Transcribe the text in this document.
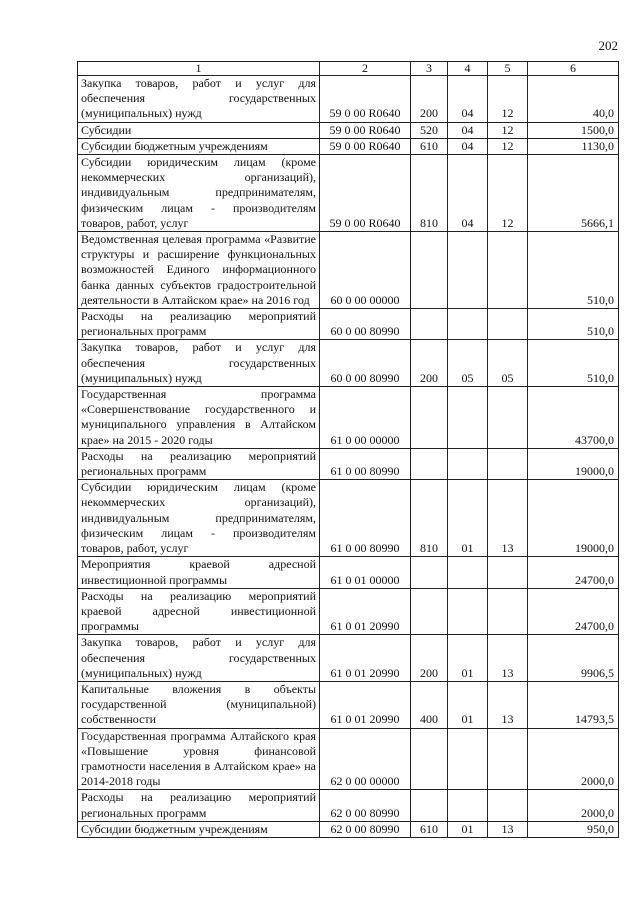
202
1	2	3	4	5	6
Закупка товаров, работ и услуг для обеспечения государственных (муниципальных) нужд	59 0 00 R0640	200	04	12	40,0
Субсидии	59 0 00 R0640	520	04	12	1500,0
Субсидии бюджетным учреждениям	59 0 00 R0640	610	04	12	1130,0
Субсидии юридическим лицам (кроме некоммерческих организаций), индивидуальным предпринимателям, физическим лицам - производителям товаров, работ, услуг	59 0 00 R0640	810	04	12	5666,1
Ведомственная целевая программа «Развитие структуры и расширение функциональных возможностей Единого информационного банка данных субъектов градостроительной деятельности в Алтайском крае» на 2016 год	60 0 00 00000				510,0
Расходы на реализацию мероприятий региональных программ	60 0 00 80990				510,0
Закупка товаров, работ и услуг для обеспечения государственных (муниципальных) нужд	60 0 00 80990	200	05	05	510,0
Государственная программа «Совершенствование государственного и муниципального управления в Алтайском крае» на 2015 - 2020 годы	61 0 00 00000				43700,0
Расходы на реализацию мероприятий региональных программ	61 0 00 80990				19000,0
Субсидии юридическим лицам (кроме некоммерческих организаций), индивидуальным предпринимателям, физическим лицам - производителям товаров, работ, услуг	61 0 00 80990	810	01	13	19000,0
Мероприятия краевой адресной инвестиционной программы	61 0 01 00000				24700,0
Расходы на реализацию мероприятий краевой адресной инвестиционной программы	61 0 01 20990				24700,0
Закупка товаров, работ и услуг для обеспечения государственных (муниципальных) нужд	61 0 01 20990	200	01	13	9906,5
Капитальные вложения в объекты государственной (муниципальной) собственности	61 0 01 20990	400	01	13	14793,5
Государственная программа Алтайского края «Повышение уровня финансовой грамотности населения в Алтайском крае» на 2014-2018 годы	62 0 00 00000				2000,0
Расходы на реализацию мероприятий региональных программ	62 0 00 80990				2000,0
Субсидии бюджетным учреждениям	62 0 00 80990	610	01	13	950,0
